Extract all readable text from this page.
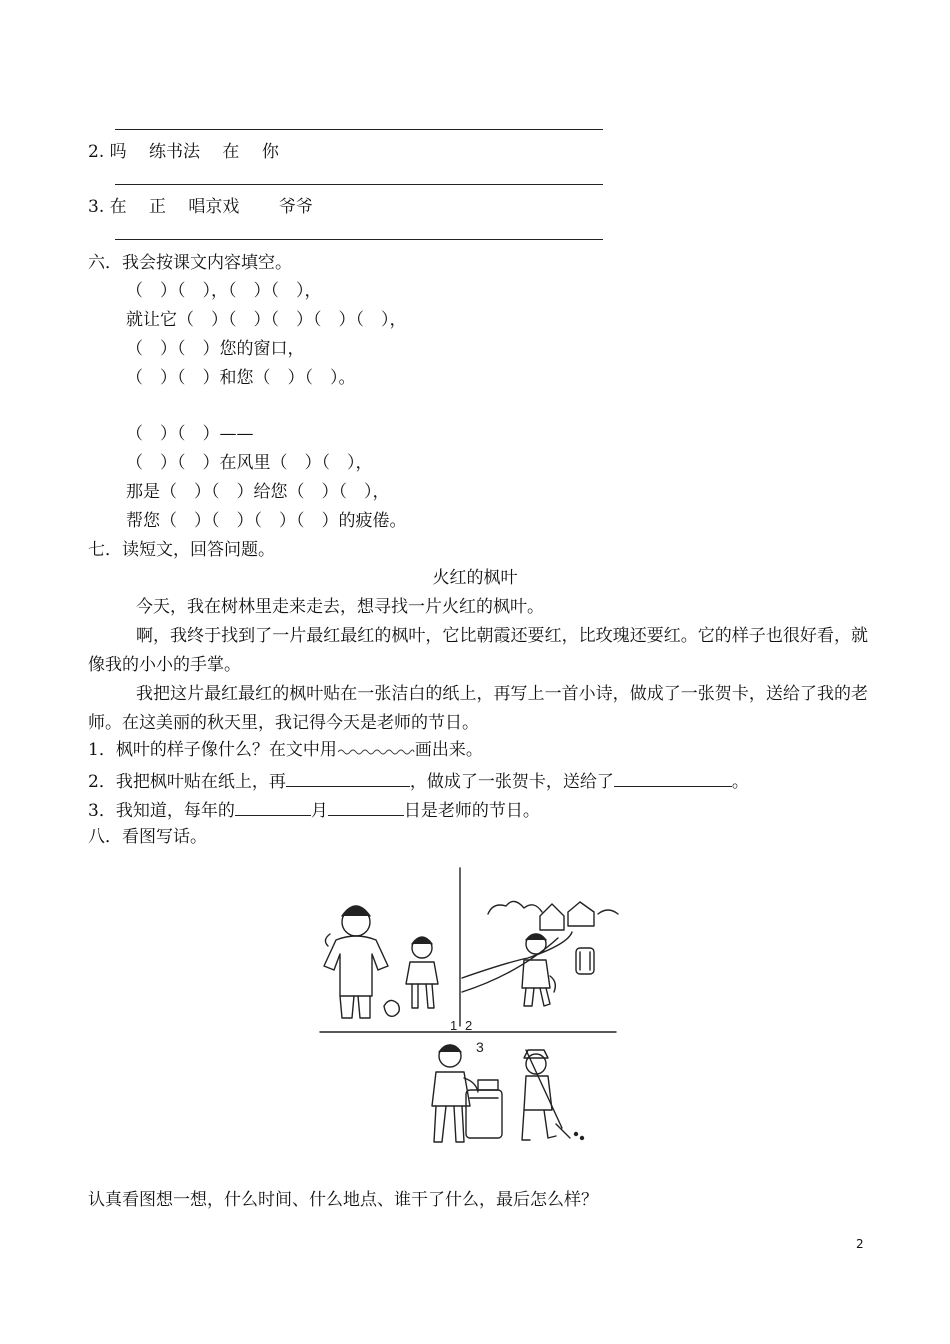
2. 吗　 练书法　 在　 你
3. 在　 正　 唱京戏　 　爷爷
六．我会按课文内容填空。
（　）（　），（　）（　），
就让它（　）（　）（　）（　）（　），
（　）（　）您的窗口，
（　）（　）和您（　）（　）。
（　）（　）——
（　）（　）在风里（　）（　），
那是（　）（　）给您（　）（　），
帮您（　）（　）（　）（　）的疲倦。
七．读短文，回答问题。
火红的枫叶
今天，我在树林里走来走去，想寻找一片火红的枫叶。
啊，我终于找到了一片最红最红的枫叶，它比朝霞还要红，比玫瑰还要红。它的样子也很好看，就像我的小小的手掌。
我把这片最红最红的枫叶贴在一张洁白的纸上，再写上一首小诗，做成了一张贺卡，送给了我的老师。在这美丽的秋天里，我记得今天是老师的节日。
1．枫叶的样子像什么？在文中用	画出来。
2．我把枫叶贴在纸上，再	，做成了一张贺卡，送给了	。
3．我知道，每年的	月	日是老师的节日。
八．看图写话。
1 2
3
认真看图想一想，什么时间、什么地点、谁干了什么，最后怎么样？
2
